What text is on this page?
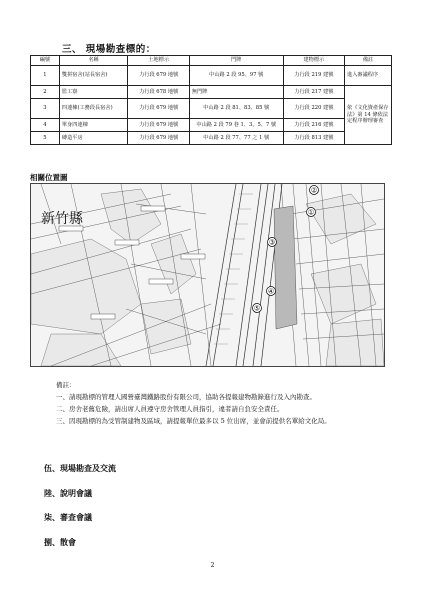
三、 現場勘查標的：
編號	名稱	土地標示	門牌	建物標示	備註
1	雙拼宿舍(站長宿舍)	力行段 679 地號	中山路 2 段 95、97 號	力行段 219 建號	進入審議程序
2	監工寮	力行段 678 地號	無門牌	力行段 217 建號	依《文化資產保存法》第 14 條依法定程序辦理審查
3	四連棟(工務段長宿舍)	力行段 679 地號	中山路 2 段 81、83、85 號	力行段 220 建號	
4	單身四連棟	力行段 679 地號	中山路 2 段 79 巷 1、3、5、7 號	力行段 216 建號	
5	磚造平房	力行段 679 地號	中山路 2 段 77、77 之 1 號	力行段 813 建號	
相關位置圖
②
①
③
④
⑤
新竹縣
備註：

一、請現勘標的管理人國營臺灣鐵路股份有限公司，協助各提報建物勘錄進行及入內勘查。

二、房舍老舊危險，請出席人員遵守房舍管理人員指引，違者請自負安全責任。

三、因現勘標的為受管制建物及區域，請提報單位最多以 5 位出席，並會前提供名單給文化局。

伍、現場勘查及交流
陸、說明會議
柒、審查會議
捌、散會
2
